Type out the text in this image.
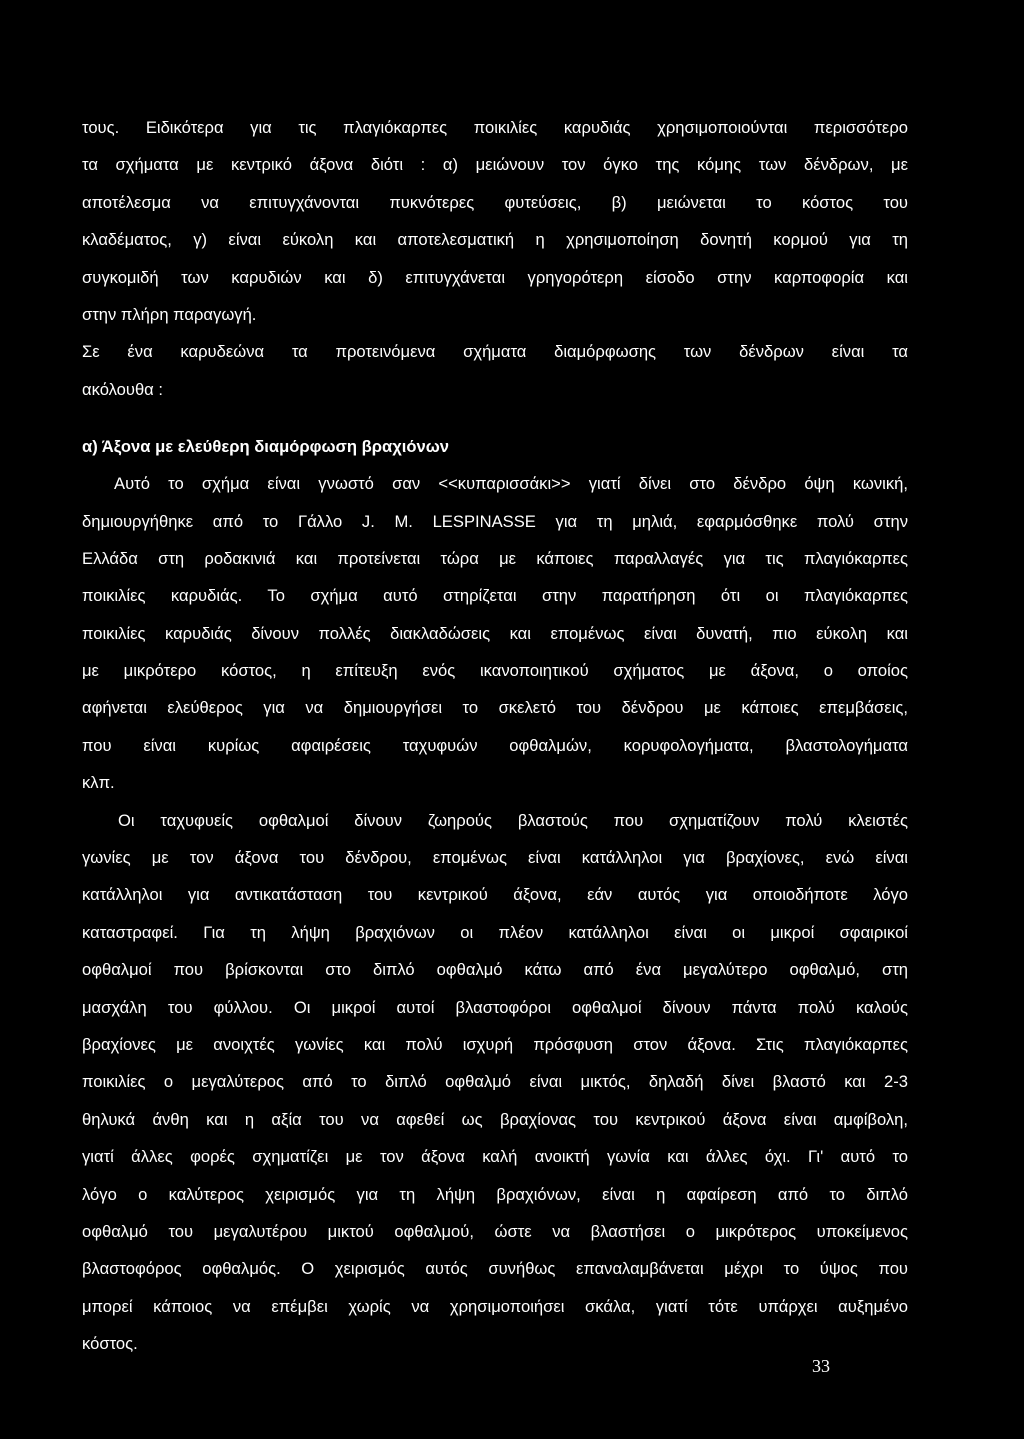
τους. Ειδικότερα για τις πλαγιόκαρπες ποικιλίες καρυδιάς χρησιμοποιούνται περισσότερο
τα σχήματα με κεντρικό άξονα διότι : α) μειώνουν τον όγκο της κόμης των δένδρων, με
αποτέλεσμα να επιτυγχάνονται πυκνότερες φυτεύσεις, β) μειώνεται το κόστος του
κλαδέματος, γ) είναι εύκολη και αποτελεσματική η χρησιμοποίηση δονητή κορμού για τη
συγκομιδή των καρυδιών και δ) επιτυγχάνεται γρηγορότερη είσοδο στην καρποφορία και
στην πλήρη παραγωγή.
Σε ένα καρυδεώνα τα προτεινόμενα σχήματα διαμόρφωσης των δένδρων είναι τα
ακόλουθα :
α) Άξονα με ελεύθερη διαμόρφωση βραχιόνων
Αυτό το σχήμα είναι γνωστό σαν <<κυπαρισσάκι>> γιατί δίνει στο δένδρο όψη κωνική,
δημιουργήθηκε από το Γάλλο J. Μ. LESPINASSE για τη μηλιά, εφαρμόσθηκε πολύ στην
Ελλάδα στη ροδακινιά και προτείνεται τώρα με κάποιες παραλλαγές για τις πλαγιόκαρπες
ποικιλίες καρυδιάς. Το σχήμα αυτό στηρίζεται στην παρατήρηση ότι οι πλαγιόκαρπες
ποικιλίες καρυδιάς δίνουν πολλές διακλαδώσεις και επομένως είναι δυνατή, πιο εύκολη και
με μικρότερο κόστος, η επίτευξη ενός ικανοποιητικού σχήματος με άξονα, ο οποίος
αφήνεται ελεύθερος για να δημιουργήσει το σκελετό του δένδρου με κάποιες επεμβάσεις,
που είναι κυρίως αφαιρέσεις ταχυφυών οφθαλμών, κορυφολογήματα, βλαστολογήματα
κλπ.
Οι ταχυφυείς οφθαλμοί δίνουν ζωηρούς βλαστούς που σχηματίζουν πολύ κλειστές
γωνίες με τον άξονα του δένδρου, επομένως είναι κατάλληλοι για βραχίονες, ενώ είναι
κατάλληλοι για αντικατάσταση του κεντρικού άξονα, εάν αυτός για οποιοδήποτε λόγο
καταστραφεί. Για τη λήψη βραχιόνων οι πλέον κατάλληλοι είναι οι μικροί σφαιρικοί
οφθαλμοί που βρίσκονται στο διπλό οφθαλμό κάτω από ένα μεγαλύτερο οφθαλμό, στη
μασχάλη του φύλλου. Οι μικροί αυτοί βλαστοφόροι οφθαλμοί δίνουν πάντα πολύ καλούς
βραχίονες με ανοιχτές γωνίες και πολύ ισχυρή πρόσφυση στον άξονα. Στις πλαγιόκαρπες
ποικιλίες ο μεγαλύτερος από το διπλό οφθαλμό είναι μικτός, δηλαδή δίνει βλαστό και 2-3
θηλυκά άνθη και η αξία του να αφεθεί ως βραχίονας του κεντρικού άξονα είναι αμφίβολη,
γιατί άλλες φορές σχηματίζει με τον άξονα καλή ανοικτή γωνία και άλλες όχι. Γι' αυτό το
λόγο ο καλύτερος χειρισμός για τη λήψη βραχιόνων, είναι η αφαίρεση από το διπλό
οφθαλμό του μεγαλυτέρου μικτού οφθαλμού, ώστε να βλαστήσει ο μικρότερος υποκείμενος
βλαστοφόρος οφθαλμός. Ο χειρισμός αυτός συνήθως επαναλαμβάνεται μέχρι το ύψος που
μπορεί κάποιος να επέμβει χωρίς να χρησιμοποιήσει σκάλα, γιατί τότε υπάρχει αυξημένο
κόστος.
33
